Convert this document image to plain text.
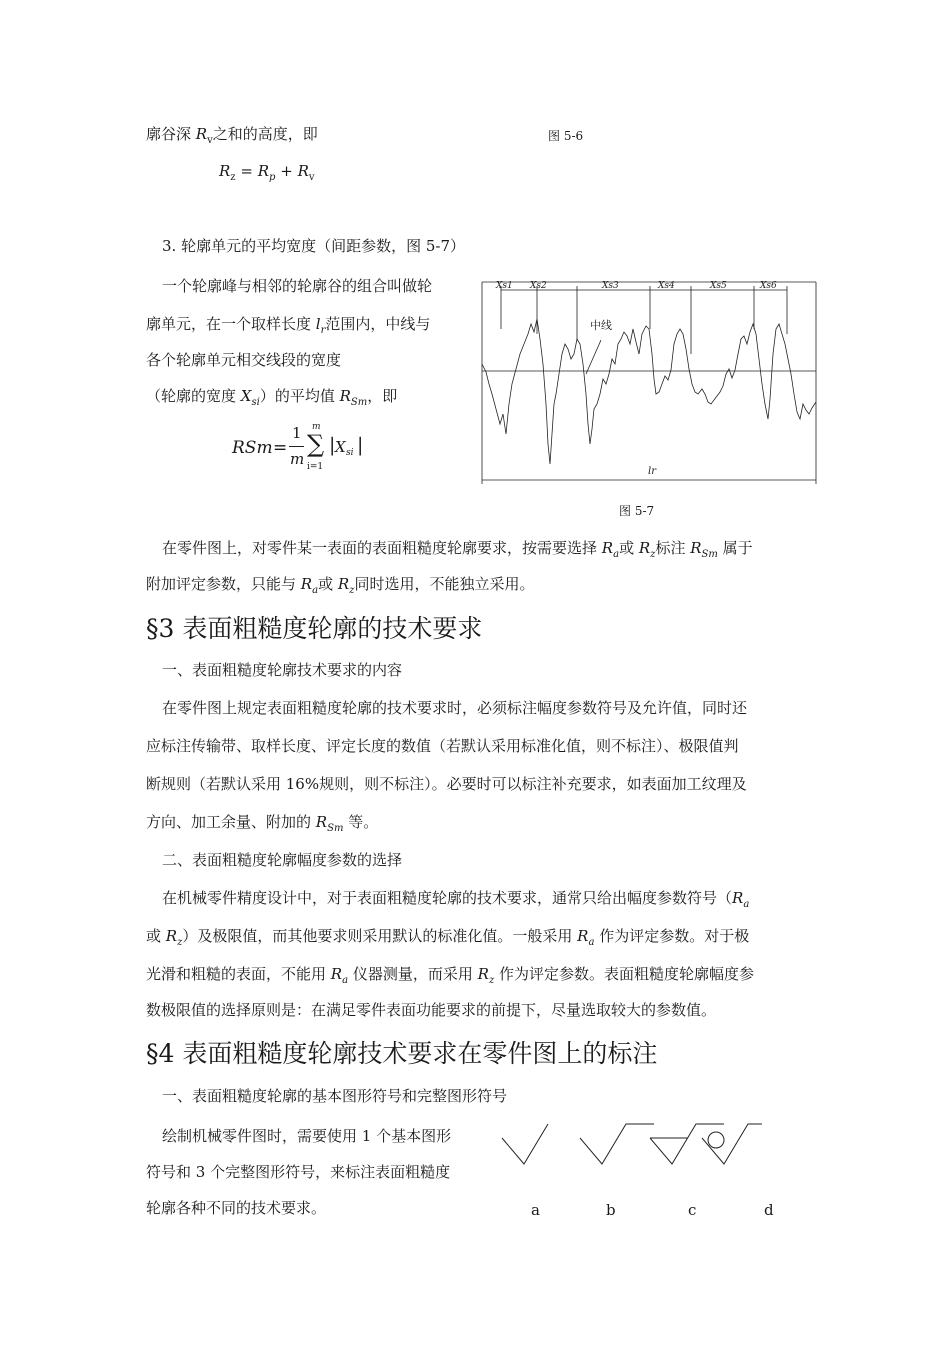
廓谷深 $R_v$之和的高度，即	图 5-6
$R_z = R_p + R_v$
3. 轮廓单元的平均宽度（间距参数，图 5-7）
一个轮廓峰与相邻的轮廓谷的组合叫做轮
廓单元，在一个取样长度 $l_r$范围内，中线与
各个轮廓单元相交线段的宽度
（轮廓的宽度 $X_{si}$）的平均值 $R_{Sm}$，即
RSm =
1
m
m
∑
i=1
| X si |
Xs1 Xs2	Xs3	Xs4	Xs5	Xs6
中线
lr
图 5-7
在零件图上，对零件某一表面的表面粗糙度轮廓要求，按需要选择 $R_a$或 $R_z$标注 $R_{Sm}$ 属于
附加评定参数，只能与 $R_a$或 $R_z$同时选用，不能独立采用。
§3 表面粗糙度轮廓的技术要求
一、表面粗糙度轮廓技术要求的内容
在零件图上规定表面粗糙度轮廓的技术要求时，必须标注幅度参数符号及允许值，同时还
应标注传输带、取样长度、评定长度的数值（若默认采用标准化值，则不标注）、极限值判
断规则（若默认采用 16%规则，则不标注）。必要时可以标注补充要求，如表面加工纹理及
方向、加工余量、附加的 $R_{Sm}$ 等。
二、表面粗糙度轮廓幅度参数的选择
在机械零件精度设计中，对于表面粗糙度轮廓的技术要求，通常只给出幅度参数符号（$R_a$
或 $R_z$）及极限值，而其他要求则采用默认的标准化值。一般采用 $R_a$ 作为评定参数。对于极
光滑和粗糙的表面，不能用 $R_a$ 仪器测量，而采用 $R_z$ 作为评定参数。表面粗糙度轮廓幅度参
数极限值的选择原则是：在满足零件表面功能要求的前提下，尽量选取较大的参数值。
§4 表面粗糙度轮廓技术要求在零件图上的标注
一、表面粗糙度轮廓的基本图形符号和完整图形符号
绘制机械零件图时，需要使用 1 个基本图形
符号和 3 个完整图形符号，来标注表面粗糙度
轮廓各种不同的技术要求。	a	b	c	d
